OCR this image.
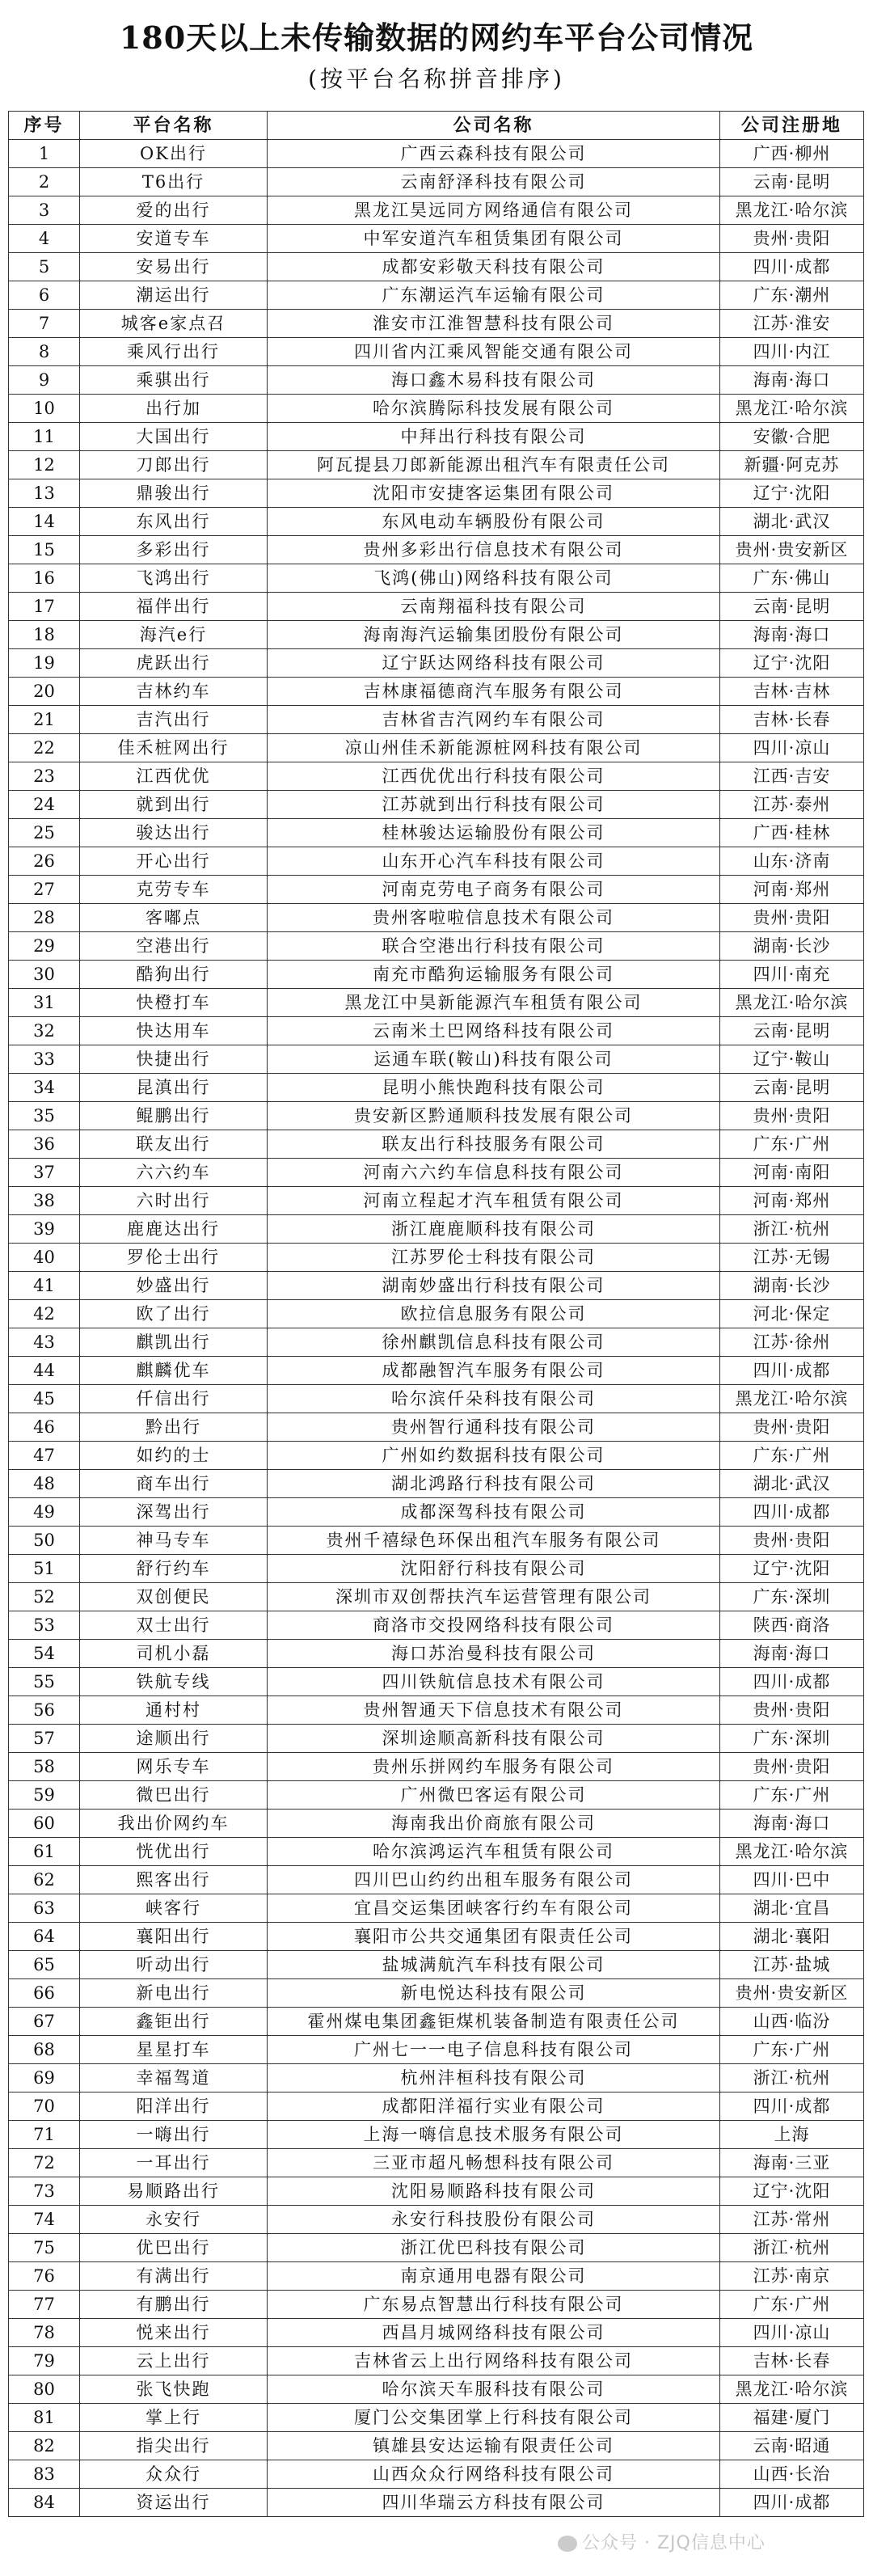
180天以上未传输数据的网约车平台公司情况
(按平台名称拼音排序)
序号	平台名称	公司名称	公司注册地
1	OK出行	广西云森科技有限公司	广西·柳州
2	T6出行	云南舒泽科技有限公司	云南·昆明
3	爱的出行	黑龙江昊远同方网络通信有限公司	黑龙江·哈尔滨
4	安道专车	中军安道汽车租赁集团有限公司	贵州·贵阳
5	安易出行	成都安彩敬天科技有限公司	四川·成都
6	潮运出行	广东潮运汽车运输有限公司	广东·潮州
7	城客e家点召	淮安市江淮智慧科技有限公司	江苏·淮安
8	乘风行出行	四川省内江乘风智能交通有限公司	四川·内江
9	乘骐出行	海口鑫木易科技有限公司	海南·海口
10	出行加	哈尔滨腾际科技发展有限公司	黑龙江·哈尔滨
11	大国出行	中拜出行科技有限公司	安徽·合肥
12	刀郎出行	阿瓦提县刀郎新能源出租汽车有限责任公司	新疆·阿克苏
13	鼎骏出行	沈阳市安捷客运集团有限公司	辽宁·沈阳
14	东风出行	东风电动车辆股份有限公司	湖北·武汉
15	多彩出行	贵州多彩出行信息技术有限公司	贵州·贵安新区
16	飞鸿出行	飞鸿(佛山)网络科技有限公司	广东·佛山
17	福伴出行	云南翔福科技有限公司	云南·昆明
18	海汽e行	海南海汽运输集团股份有限公司	海南·海口
19	虎跃出行	辽宁跃达网络科技有限公司	辽宁·沈阳
20	吉林约车	吉林康福德商汽车服务有限公司	吉林·吉林
21	吉汽出行	吉林省吉汽网约车有限公司	吉林·长春
22	佳禾桩网出行	凉山州佳禾新能源桩网科技有限公司	四川·凉山
23	江西优优	江西优优出行科技有限公司	江西·吉安
24	就到出行	江苏就到出行科技有限公司	江苏·泰州
25	骏达出行	桂林骏达运输股份有限公司	广西·桂林
26	开心出行	山东开心汽车科技有限公司	山东·济南
27	克劳专车	河南克劳电子商务有限公司	河南·郑州
28	客嘟点	贵州客啦啦信息技术有限公司	贵州·贵阳
29	空港出行	联合空港出行科技有限公司	湖南·长沙
30	酷狗出行	南充市酷狗运输服务有限公司	四川·南充
31	快橙打车	黑龙江中昊新能源汽车租赁有限公司	黑龙江·哈尔滨
32	快达用车	云南米土巴网络科技有限公司	云南·昆明
33	快捷出行	运通车联(鞍山)科技有限公司	辽宁·鞍山
34	昆滇出行	昆明小熊快跑科技有限公司	云南·昆明
35	鲲鹏出行	贵安新区黔通顺科技发展有限公司	贵州·贵阳
36	联友出行	联友出行科技服务有限公司	广东·广州
37	六六约车	河南六六约车信息科技有限公司	河南·南阳
38	六时出行	河南立程起才汽车租赁有限公司	河南·郑州
39	鹿鹿达出行	浙江鹿鹿顺科技有限公司	浙江·杭州
40	罗伦士出行	江苏罗伦士科技有限公司	江苏·无锡
41	妙盛出行	湖南妙盛出行科技有限公司	湖南·长沙
42	欧了出行	欧拉信息服务有限公司	河北·保定
43	麒凯出行	徐州麒凯信息科技有限公司	江苏·徐州
44	麒麟优车	成都融智汽车服务有限公司	四川·成都
45	仟信出行	哈尔滨仟朵科技有限公司	黑龙江·哈尔滨
46	黔出行	贵州智行通科技有限公司	贵州·贵阳
47	如约的士	广州如约数据科技有限公司	广东·广州
48	商车出行	湖北鸿路行科技有限公司	湖北·武汉
49	深驾出行	成都深驾科技有限公司	四川·成都
50	神马专车	贵州千禧绿色环保出租汽车服务有限公司	贵州·贵阳
51	舒行约车	沈阳舒行科技有限公司	辽宁·沈阳
52	双创便民	深圳市双创帮扶汽车运营管理有限公司	广东·深圳
53	双士出行	商洛市交投网络科技有限公司	陕西·商洛
54	司机小磊	海口苏治曼科技有限公司	海南·海口
55	铁航专线	四川铁航信息技术有限公司	四川·成都
56	通村村	贵州智通天下信息技术有限公司	贵州·贵阳
57	途顺出行	深圳途顺高新科技有限公司	广东·深圳
58	网乐专车	贵州乐拼网约车服务有限公司	贵州·贵阳
59	微巴出行	广州微巴客运有限公司	广东·广州
60	我出价网约车	海南我出价商旅有限公司	海南·海口
61	恍优出行	哈尔滨鸿运汽车租赁有限公司	黑龙江·哈尔滨
62	熙客出行	四川巴山约约出租车服务有限公司	四川·巴中
63	峡客行	宜昌交运集团峡客行约车有限公司	湖北·宜昌
64	襄阳出行	襄阳市公共交通集团有限责任公司	湖北·襄阳
65	听动出行	盐城满航汽车科技有限公司	江苏·盐城
66	新电出行	新电悦达科技有限公司	贵州·贵安新区
67	鑫钜出行	霍州煤电集团鑫钜煤机装备制造有限责任公司	山西·临汾
68	星星打车	广州七一一电子信息科技有限公司	广东·广州
69	幸福驾道	杭州沣桓科技有限公司	浙江·杭州
70	阳洋出行	成都阳洋福行实业有限公司	四川·成都
71	一嗨出行	上海一嗨信息技术服务有限公司	上海
72	一耳出行	三亚市超凡畅想科技有限公司	海南·三亚
73	易顺路出行	沈阳易顺路科技有限公司	辽宁·沈阳
74	永安行	永安行科技股份有限公司	江苏·常州
75	优巴出行	浙江优巴科技有限公司	浙江·杭州
76	有满出行	南京通用电器有限公司	江苏·南京
77	有鹏出行	广东易点智慧出行科技有限公司	广东·广州
78	悦来出行	西昌月城网络科技有限公司	四川·凉山
79	云上出行	吉林省云上出行网络科技有限公司	吉林·长春
80	张飞快跑	哈尔滨天车服科技有限公司	黑龙江·哈尔滨
81	掌上行	厦门公交集团掌上行科技有限公司	福建·厦门
82	指尖出行	镇雄县安达运输有限责任公司	云南·昭通
83	众众行	山西众众行网络科技有限公司	山西·长治
84	资运出行	四川华瑞云方科技有限公司	四川·成都
公众号 · ZJQ信息中心
